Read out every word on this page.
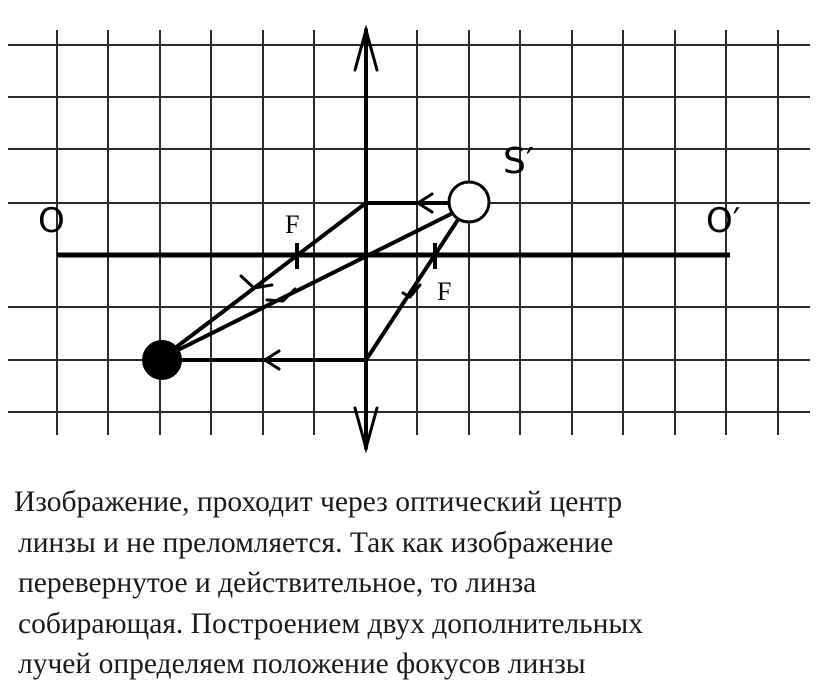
O	O′
S′
F
F

Изображение, проходит через оптический центр
линзы и не преломляется. Так как изображение
перевернутое и действительное, то линза
собирающая. Построением двух дополнительных
лучей определяем положение фокусов линзы
